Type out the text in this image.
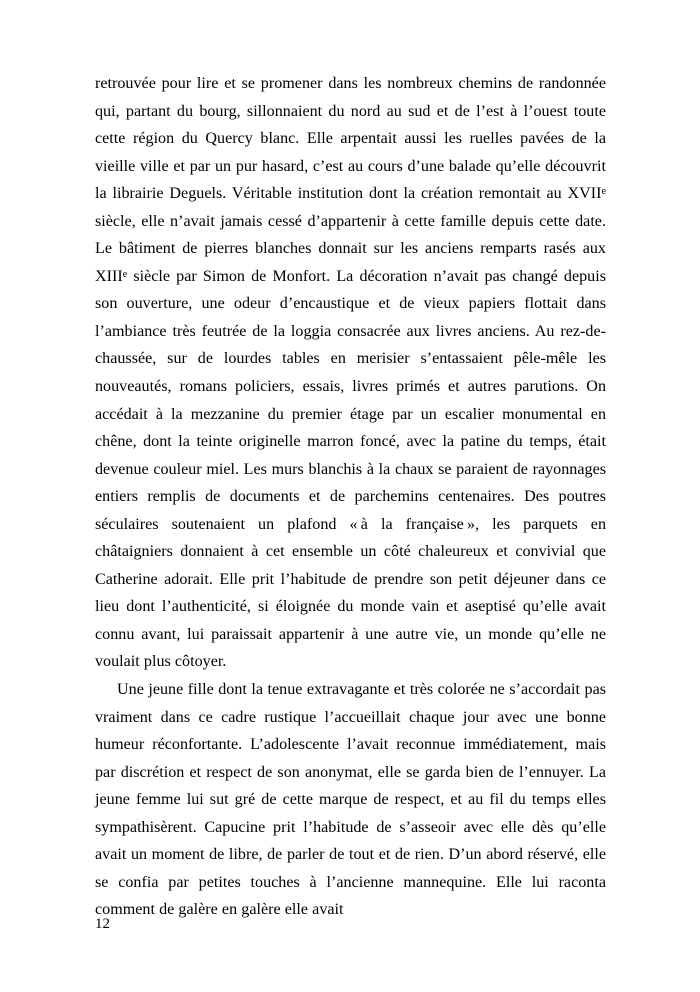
retrouvée pour lire et se promener dans les nombreux chemins de randonnée qui, partant du bourg, sillonnaient du nord au sud et de l’est à l’ouest toute cette région du Quercy blanc. Elle arpentait aussi les ruelles pavées de la vieille ville et par un pur hasard, c’est au cours d’une balade qu’elle découvrit la librairie Deguels. Véritable institution dont la création remontait au XVIIe siècle, elle n’avait jamais cessé d’appartenir à cette famille depuis cette date. Le bâtiment de pierres blanches donnait sur les anciens remparts rasés aux XIIIe siècle par Simon de Monfort. La décoration n’avait pas changé depuis son ouverture, une odeur d’encaustique et de vieux papiers flottait dans l’ambiance très feutrée de la loggia consacrée aux livres anciens. Au rez-de-chaussée, sur de lourdes tables en merisier s’entassaient pêle-mêle les nouveautés, romans policiers, essais, livres primés et autres parutions. On accédait à la mezzanine du premier étage par un escalier monumental en chêne, dont la teinte originelle marron foncé, avec la patine du temps, était devenue couleur miel. Les murs blanchis à la chaux se paraient de rayonnages entiers remplis de documents et de parchemins centenaires. Des poutres séculaires soutenaient un plafond « à la française », les parquets en châtaigniers donnaient à cet ensemble un côté chaleureux et convivial que Catherine adorait. Elle prit l’habitude de prendre son petit déjeuner dans ce lieu dont l’authenticité, si éloignée du monde vain et aseptisé qu’elle avait connu avant, lui paraissait appartenir à une autre vie, un monde qu’elle ne voulait plus côtoyer.

Une jeune fille dont la tenue extravagante et très colorée ne s’accordait pas vraiment dans ce cadre rustique l’accueillait chaque jour avec une bonne humeur réconfortante. L’adolescente l’avait reconnue immédiatement, mais par discrétion et respect de son anonymat, elle se garda bien de l’ennuyer. La jeune femme lui sut gré de cette marque de respect, et au fil du temps elles sympathisèrent. Capucine prit l’habitude de s’asseoir avec elle dès qu’elle avait un moment de libre, de parler de tout et de rien. D’un abord réservé, elle se confia par petites touches à l’ancienne mannequine. Elle lui raconta comment de galère en galère elle avait

12
